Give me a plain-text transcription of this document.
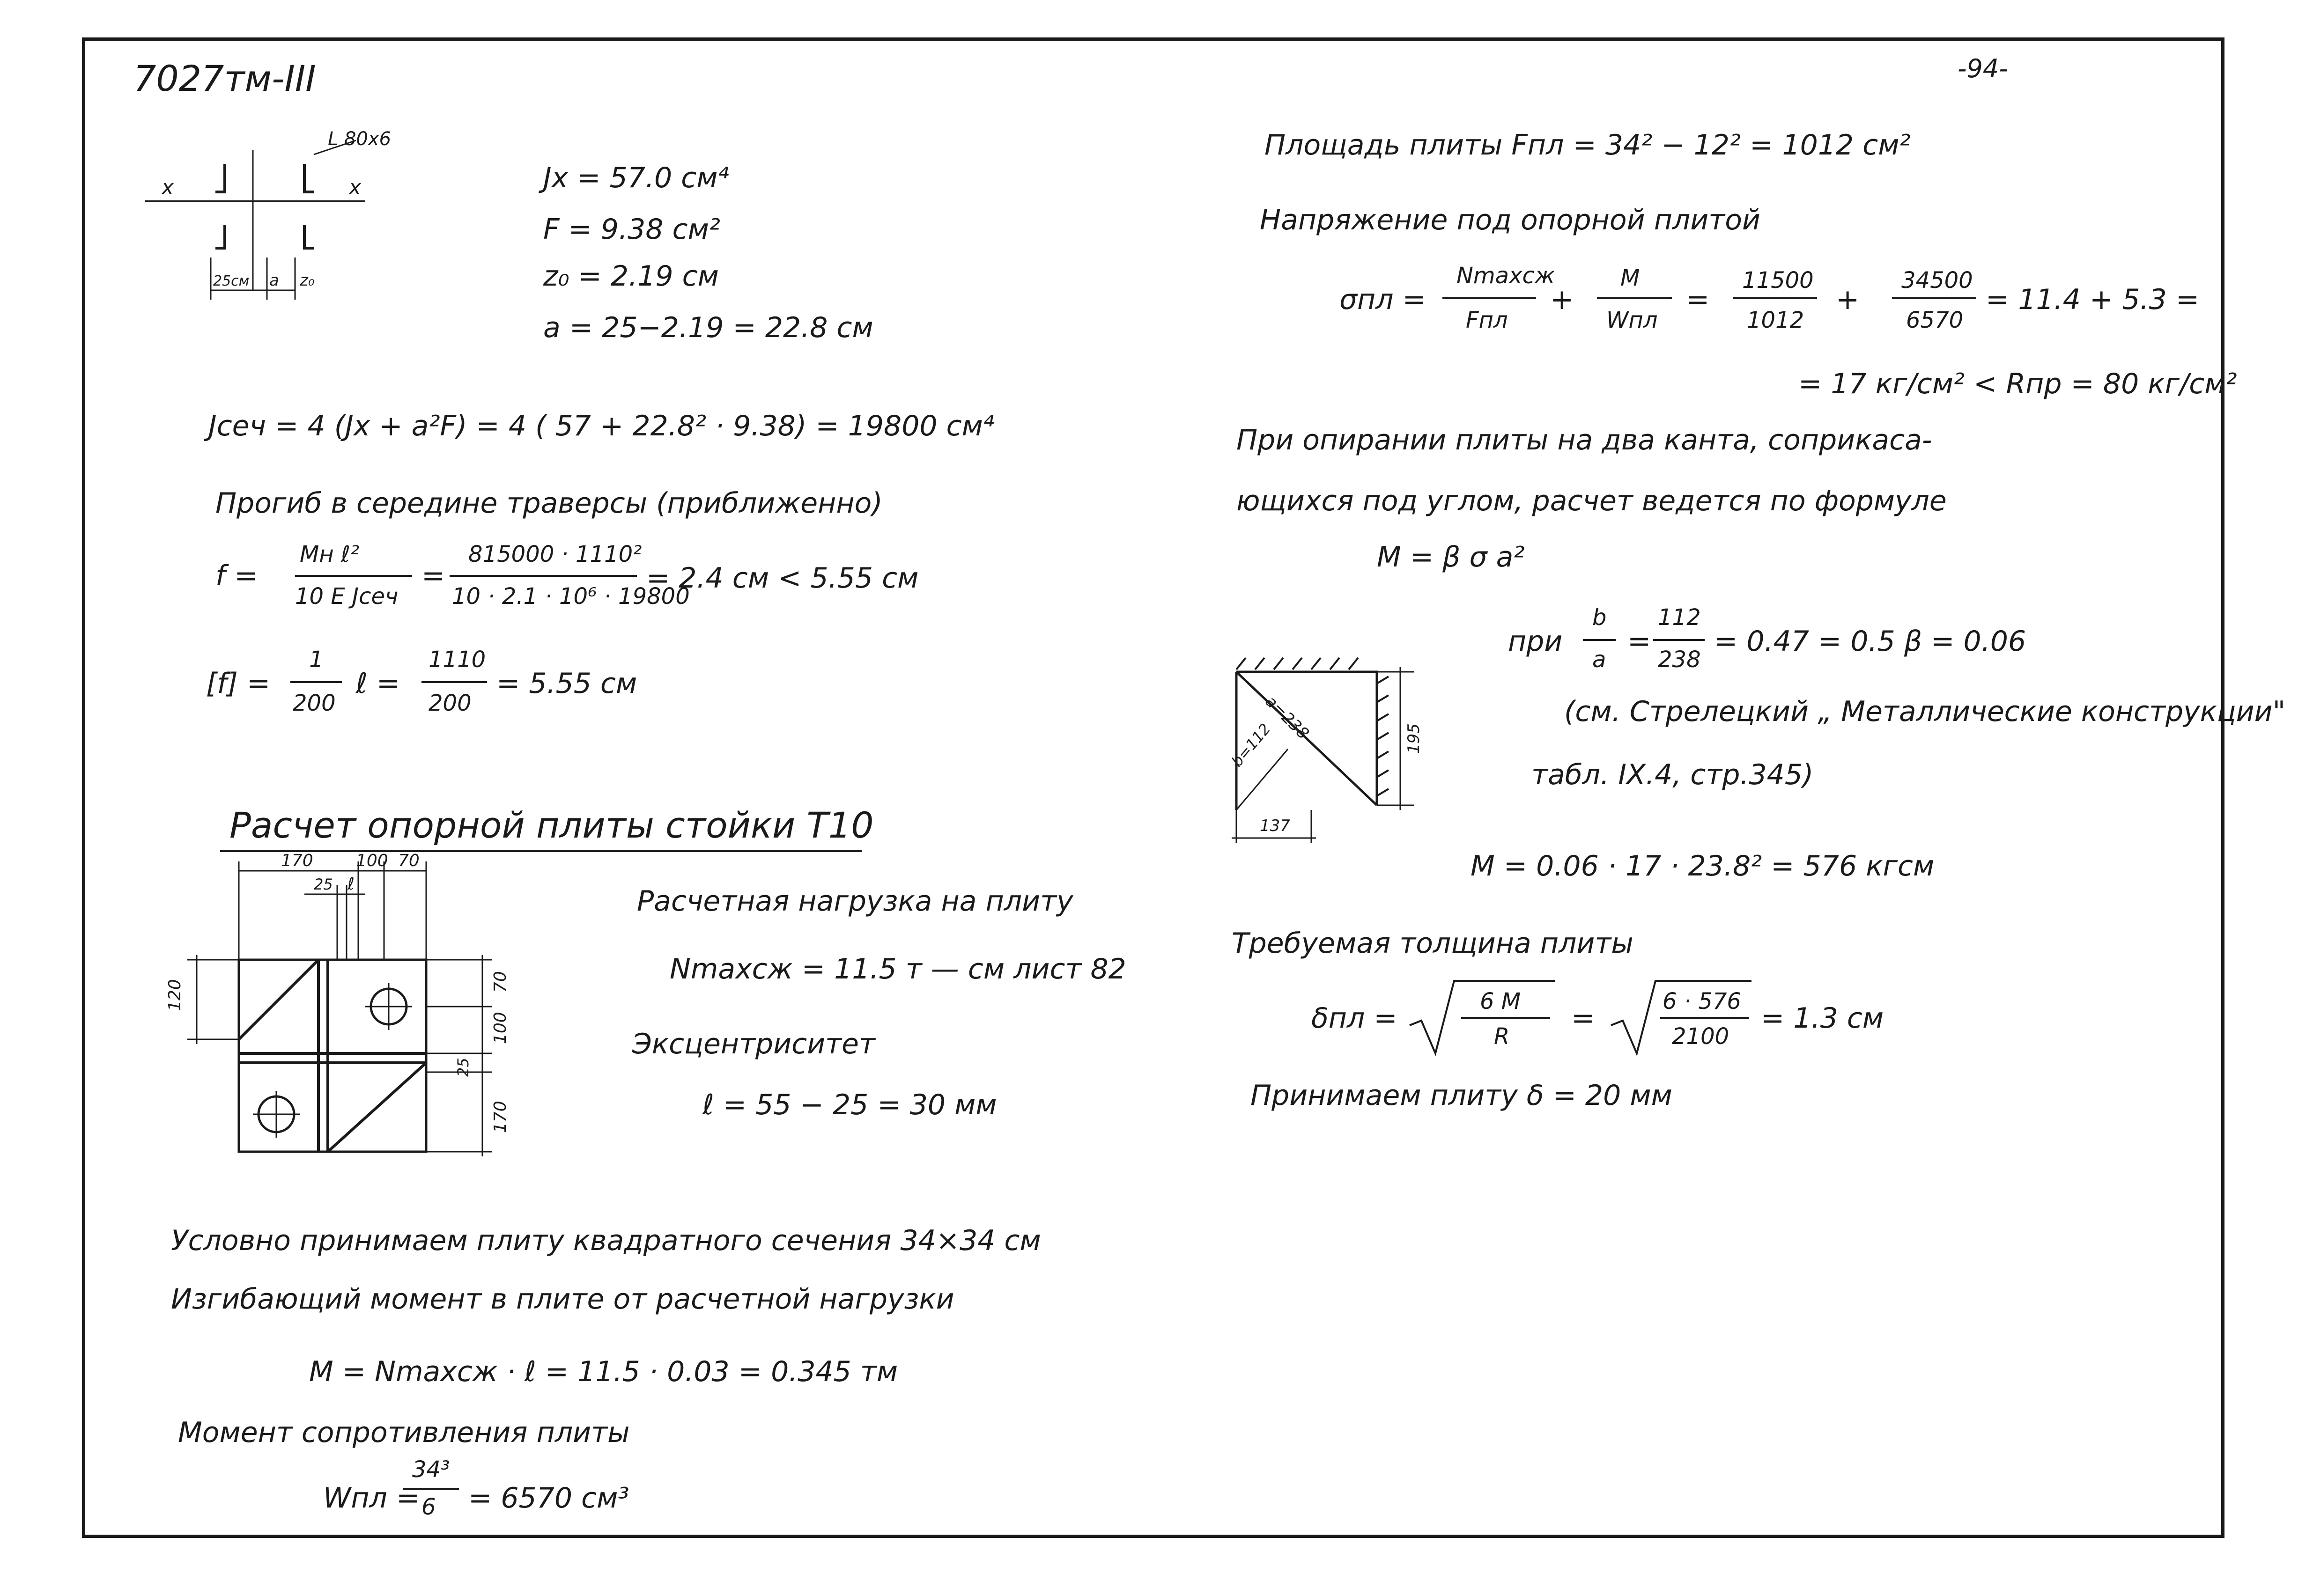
7027тм-III	-94-
L 80x6
x	x
25см a z₀
Jx = 57.0 см⁴
F = 9.38 см²
z₀ = 2.19 см
a = 25−2.19 = 22.8 см
Jсеч = 4 (Jx + a²F) = 4 ( 57 + 22.8² · 9.38) = 19800 см⁴
Прогиб в середине траверсы (приближенно)
f =
Mн ℓ²
10 E Jсеч
=
815000 · 1110²
10 · 2.1 · 10⁶ · 19800
= 2.4 см < 5.55 см
[f] =
1
200
ℓ =
1110
200
= 5.55 см
Расчет опорной плиты стойки Т10
170	100 70
25 ℓ
120	70
100
25
170
Расчетная нагрузка на плиту
Nmaxсж = 11.5 т — см лист 82
Эксцентриситет
ℓ = 55 − 25 = 30 мм
Условно принимаем плиту квадратного сечения 34×34 см
Изгибающий момент в плите от расчетной нагрузки
M = Nmaxсж · ℓ = 11.5 · 0.03 = 0.345 тм
Момент сопротивления плиты
Wпл =
34³
6 = 6570 см³
Площадь плиты Fпл = 34² − 12² = 1012 см²
Напряжение под опорной плитой
σпл =
Nmaxсж
Fпл
+
M
Wпл
=
11500
1012
+
34500
6570
= 11.4 + 5.3 =
= 17 кг/см² < Rпр = 80 кг/см²
При опирании плиты на два канта, соприкаса-
ющихся под углом, расчет ведется по формуле
M = β σ a²
при
b
a
=
112
238
= 0.47 = 0.5 β = 0.06
a=238
b=112	195
137
(см. Стрелецкий „ Металлические конструкции"
табл. IX.4, стр.345)
M = 0.06 · 17 · 23.8² = 576 кгсм
Требуемая толщина плиты
δпл =
6 M
R
=
6 · 576
2100
= 1.3 см
Принимаем плиту δ = 20 мм
